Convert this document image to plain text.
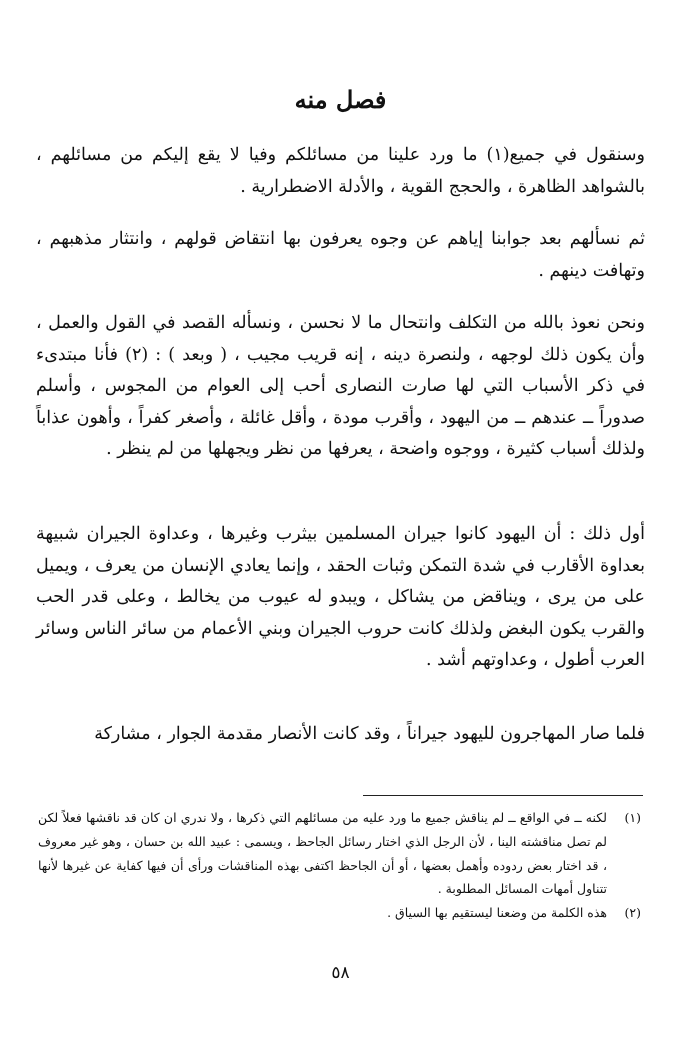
فصل منه

وسنقول في جميع(١) ما ورد علينا من مسائلكم وفيا لا يقع إليكم من مسائلهم ، بالشواهد الظاهرة ، والحجج القوية ، والأدلة الاضطرارية .

ثم نسألهم بعد جوابنا إياهم عن وجوه يعرفون بها انتقاض قولهم ، وانتثار مذهبهم ، وتهافت دينهم .

ونحن نعوذ بالله من التكلف وانتحال ما لا نحسن ، ونسأله القصد في القول والعمل ، وأن يكون ذلك لوجهه ، ولنصرة دينه ، إنه قريب مجيب ، ( وبعد ) : (٢) فأنا مبتدىء في ذكر الأسباب التي لها صارت النصارى أحب إلى العوام من المجوس ، وأسلم صدوراً ــ عندهم ــ من اليهود ، وأقرب مودة ، وأقل غائلة ، وأصغر كفراً ، وأهون عذاباً ولذلك أسباب كثيرة ، ووجوه واضحة ، يعرفها من نظر ويجهلها من لم ينظر .

أول ذلك : أن اليهود كانوا جيران المسلمين بيثرب وغيرها ، وعداوة الجيران شبيهة بعداوة الأقارب في شدة التمكن وثبات الحقد ، وإنما يعادي الإنسان من يعرف ، ويميل على من يرى ، ويناقض من يشاكل ، ويبدو له عيوب من يخالط ، وعلى قدر الحب والقرب يكون البغض ولذلك كانت حروب الجيران وبني الأعمام من سائر الناس وسائر العرب أطول ، وعداوتهم أشد .

فلما صار المهاجرون لليهود جيراناً ، وقد كانت الأنصار مقدمة الجوار ، مشاركة

(١)
لكنه ــ في الواقع ــ لم يناقش جميع ما ورد عليه من مسائلهم التي ذكرها ، ولا ندري ان كان قد ناقشها فعلاً لكن لم تصل مناقشته الينا ، لأن الرجل الذي اختار رسائل الجاحظ ، ويسمى : عبيد الله بن حسان ، وهو غير معروف ، قد اختار بعض ردوده وأهمل بعضها ، أو أن الجاحظ اكتفى بهذه المناقشات ورأى أن فيها كفاية عن غيرها لأنها تتناول أمهات المسائل المطلوبة .
(٢)
هذه الكلمة من وضعنا ليستقيم بها السياق .
٥٨
